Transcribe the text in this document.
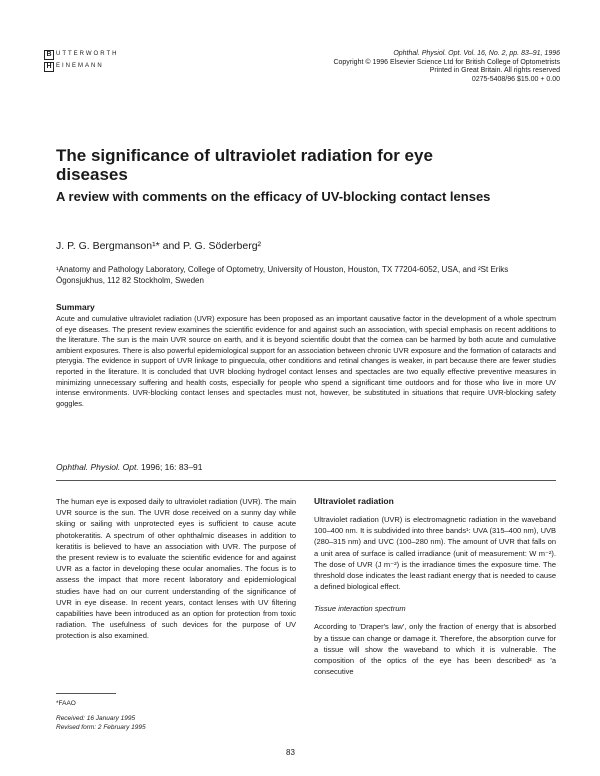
B UTTERWORTH
H EINEMANN
Ophthal. Physiol. Opt. Vol. 16, No. 2, pp. 83–91, 1996
Copyright © 1996 Elsevier Science Ltd for British College of Optometrists
Printed in Great Britain. All rights reserved
0275-5408/96 $15.00 + 0.00
The significance of ultraviolet radiation for eye diseases
A review with comments on the efficacy of UV-blocking contact lenses
J. P. G. Bergmanson¹* and P. G. Söderberg²
¹Anatomy and Pathology Laboratory, College of Optometry, University of Houston, Houston, TX 77204-6052, USA, and ²St Eriks Ögonsjukhus, 112 82 Stockholm, Sweden
Summary
Acute and cumulative ultraviolet radiation (UVR) exposure has been proposed as an important causative factor in the development of a whole spectrum of eye diseases. The present review examines the scientific evidence for and against such an association, with special emphasis on recent additions to the literature. The sun is the main UVR source on earth, and it is beyond scientific doubt that the cornea can be harmed by both acute and cumulative ambient exposures. There is also powerful epidemiological support for an association between chronic UVR exposure and the formation of cataracts and pterygia. The evidence in support of UVR linkage to pinguecula, other conditions and retinal changes is weaker, in part because there are fewer studies reported in the literature. It is concluded that UVR blocking hydrogel contact lenses and spectacles are two equally effective preventive measures in minimizing unnecessary suffering and health costs, especially for people who spend a significant time outdoors and for those who live in more UV intense environments. UVR-blocking contact lenses and spectacles must not, however, be substituted in situations that require UVR-blocking safety goggles.
Ophthal. Physiol. Opt. 1996; 16: 83–91
The human eye is exposed daily to ultraviolet radiation (UVR). The main UVR source is the sun. The UVR dose received on a sunny day while skiing or sailing with unprotected eyes is sufficient to cause acute photokeratitis. A spectrum of other ophthalmic diseases in addition to keratitis is believed to have an association with UVR. The purpose of the present review is to evaluate the scientific evidence for and against UVR as a factor in developing these ocular anomalies. The focus is to assess the impact that more recent laboratory and epidemiological studies have had on our current understanding of the significance of UVR in eye disease. In recent years, contact lenses with UV filtering capabilities have been introduced as an option for protection from toxic radiation. The usefulness of such devices for the purpose of UV protection is also examined.
Ultraviolet radiation
Ultraviolet radiation (UVR) is electromagnetic radiation in the waveband 100–400 nm. It is subdivided into three bands¹: UVA (315–400 nm), UVB (280–315 nm) and UVC (100–280 nm). The amount of UVR that falls on a unit area of surface is called irradiance (unit of measurement: W m⁻²). The dose of UVR (J m⁻²) is the irradiance times the exposure time. The threshold dose indicates the least radiant energy that is needed to cause a defined biological effect.
Tissue interaction spectrum
According to 'Draper's law', only the fraction of energy that is absorbed by a tissue can change or damage it. Therefore, the absorption curve for a tissue will show the waveband to which it is vulnerable. The composition of the optics of the eye has been described² as 'a consecutive
*FAAO
Received: 16 January 1995
Revised form: 2 February 1995
83
